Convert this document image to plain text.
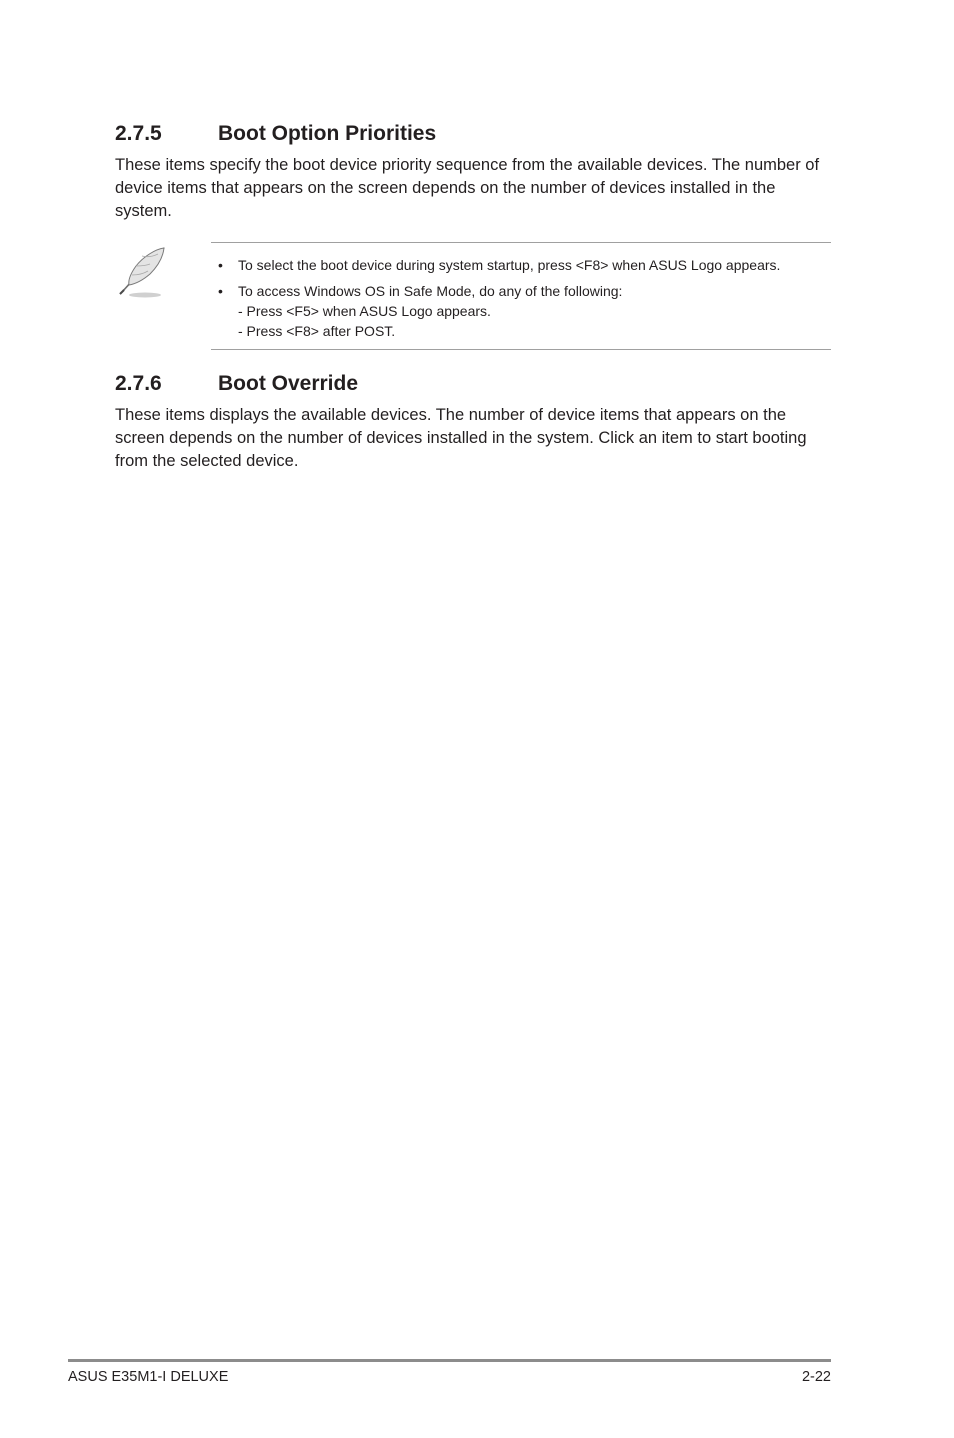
2.7.5	Boot Option Priorities

These items specify the boot device priority sequence from the available devices. The number of device items that appears on the screen depends on the number of devices installed in the system.

• To select the boot device during system startup, press <F8> when ASUS Logo appears.
• To access Windows OS in Safe Mode, do any of the following:
- Press <F5> when ASUS Logo appears.
- Press <F8> after POST.
2.7.6	Boot Override

These items displays the available devices. The number of device items that appears on the screen depends on the number of devices installed in the system. Click an item to start booting from the selected device.

ASUS E35M1-I DELUXE	2-22
